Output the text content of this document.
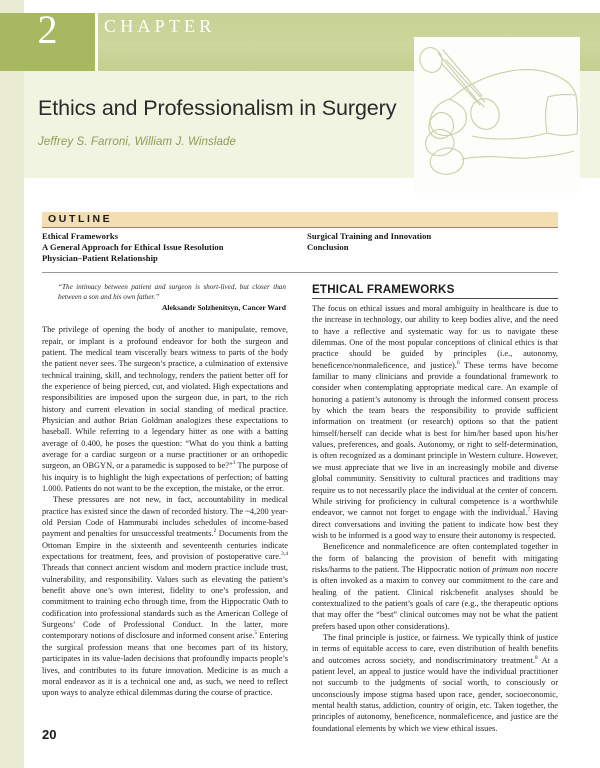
2	CHAPTER
Ethics and Professionalism in Surgery
Jeffrey S. Farroni, William J. Winslade
OUTLINE
Ethical Frameworks
A General Approach for Ethical Issue Resolution
Physician–Patient Relationship
Surgical Training and Innovation
Conclusion
“The intimacy between patient and surgeon is short-lived, but closer than between a son and his own father.”
Aleksandr Solzhenitsyn, Cancer Ward

The privilege of opening the body of another to manipulate, remove, repair, or implant is a profound endeavor for both the surgeon and patient. The medical team viscerally bears witness to parts of the body the patient never sees. The surgeon’s practice, a culmination of extensive technical training, skill, and technology, renders the patient better off for the experience of being pierced, cut, and violated. High expectations and responsibilities are imposed upon the surgeon due, in part, to the rich history and current elevation in social standing of medical practice. Physician and author Brian Goldman analogizes these expectations to baseball. While referring to a legendary hitter as one with a batting average of 0.400, he poses the question: “What do you think a batting average for a cardiac surgeon or a nurse practitioner or an orthopedic surgeon, an OBGYN, or a paramedic is supposed to be?”$^1$ The purpose of his inquiry is to highlight the high expectations of perfection; of batting 1.000. Patients do not want to be the exception, the mistake, or the error.

These pressures are not new, in fact, accountability in medical practice has existed since the dawn of recorded history. The ~4,200 year-old Persian Code of Hammurabi includes schedules of income-based payment and penalties for unsuccessful treatments.$^2$ Documents from the Ottoman Empire in the sixteenth and seventeenth centuries indicate expectations for treatment, fees, and provision of postoperative care.$^{3,4}$ Threads that connect ancient wisdom and modern practice include trust, vulnerability, and responsibility. Values such as elevating the patient’s benefit above one’s own interest, fidelity to one’s profession, and commitment to training echo through time, from the Hippocratic Oath to codification into professional standards such as the American College of Surgeons’ Code of Professional Conduct. In the latter, more contemporary notions of disclosure and informed consent arise.$^5$ Entering the surgical profession means that one becomes part of its history, participates in its value-laden decisions that profoundly impacts people’s lives, and contributes to its future innovation. Medicine is as much a moral endeavor as it is a technical one and, as such, we need to reflect upon ways to analyze ethical dilemmas during the course of practice.

ETHICAL FRAMEWORKS

The focus on ethical issues and moral ambiguity in healthcare is due to the increase in technology, our ability to keep bodies alive, and the need to have a reflective and systematic way for us to navigate these dilemmas. One of the most popular conceptions of clinical ethics is that practice should be guided by principles (i.e., autonomy, beneficence/nonmaleficence, and justice).$^6$ These terms have become familiar to many clinicians and provide a foundational framework to consider when contemplating appropriate medical care. An example of honoring a patient’s autonomy is through the informed consent process by which the team bears the responsibility to provide sufficient information on treatment (or research) options so that the patient himself/herself can decide what is best for him/her based upon his/her values, preferences, and goals. Autonomy, or right to self-determination, is often recognized as a dominant principle in Western culture. However, we must appreciate that we live in an increasingly mobile and diverse global community. Sensitivity to cultural practices and traditions may require us to not necessarily place the individual at the center of concern. While striving for proficiency in cultural competence is a worthwhile endeavor, we cannot not forget to engage with the individual.$^7$ Having direct conversations and inviting the patient to indicate how best they wish to be informed is a good way to ensure their autonomy is respected.

Beneficence and nonmaleficence are often contemplated together in the form of balancing the provision of benefit with mitigating risks/harms to the patient. The Hippocratic notion of primum non nocere is often invoked as a maxim to convey our commitment to the care and healing of the patient. Clinical risk:benefit analyses should be contextualized to the patient’s goals of care (e.g., the therapeutic options that may offer the “best” clinical outcomes may not be what the patient prefers based upon other considerations).

The final principle is justice, or fairness. We typically think of justice in terms of equitable access to care, even distribution of health benefits and outcomes across society, and nondiscriminatory treatment.$^8$ At a patient level, an appeal to justice would have the individual practitioner not succumb to the judgments of social worth, to consciously or unconsciously impose stigma based upon race, gender, socioeconomic, mental health status, addiction, country of origin, etc. Taken together, the principles of autonomy, beneficence, nonmaleficence, and justice are the foundational elements by which we view ethical issues.

20
